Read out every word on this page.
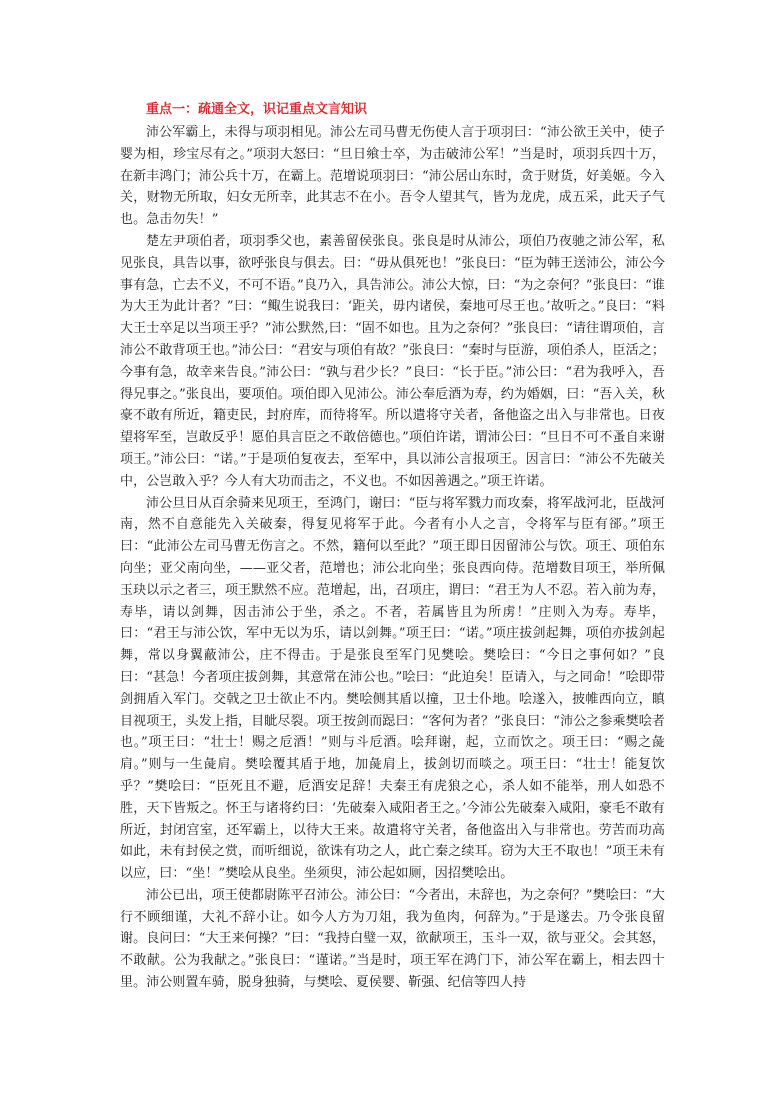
重点一：疏通全文，识记重点文言知识

沛公军霸上，未得与项羽相见。沛公左司马曹无伤使人言于项羽曰：“沛公欲王关中，使子婴为相，珍宝尽有之。”项羽大怒曰：“旦日飨士卒，为击破沛公军！”当是时，项羽兵四十万，在新丰鸿门；沛公兵十万，在霸上。范增说项羽曰：“沛公居山东时，贪于财货，好美姬。今入关，财物无所取，妇女无所幸，此其志不在小。吾令人望其气，皆为龙虎，成五采，此天子气也。急击勿失！”

楚左尹项伯者，项羽季父也，素善留侯张良。张良是时从沛公，项伯乃夜驰之沛公军，私见张良，具告以事，欲呼张良与俱去。曰：“毋从俱死也！”张良曰：“臣为韩王送沛公，沛公今事有急，亡去不义，不可不语。”良乃入，具告沛公。沛公大惊，曰：“为之奈何？”张良曰：“谁为大王为此计者？”曰：“鲰生说我曰：‘距关，毋内诸侯，秦地可尽王也。’故听之。”良曰：“料大王士卒足以当项王乎？”沛公默然,曰：“固不如也。且为之奈何？”张良曰：“请往谓项伯，言沛公不敢背项王也。”沛公曰：“君安与项伯有故？”张良曰：“秦时与臣游，项伯杀人，臣活之；今事有急，故幸来告良。”沛公曰：“孰与君少长？”良曰：“长于臣。”沛公曰：“君为我呼入，吾得兄事之。”张良出，要项伯。项伯即入见沛公。沛公奉卮酒为寿，约为婚姻，曰：“吾入关，秋豪不敢有所近，籍吏民，封府库，而待将军。所以遣将守关者，备他盗之出入与非常也。日夜望将军至，岂敢反乎！愿伯具言臣之不敢倍德也。”项伯许诺，谓沛公曰：“旦日不可不蚤自来谢项王。”沛公曰：“诺。”于是项伯复夜去，至军中，具以沛公言报项王。因言曰：“沛公不先破关中，公岂敢入乎？今人有大功而击之，不义也。不如因善遇之。”项王许诺。

沛公旦日从百余骑来见项王，至鸿门，谢曰：“臣与将军戮力而攻秦，将军战河北，臣战河南，然不自意能先入关破秦，得复见将军于此。今者有小人之言，令将军与臣有郤。”项王曰：“此沛公左司马曹无伤言之。不然，籍何以至此？”项王即日因留沛公与饮。项王、项伯东向坐；亚父南向坐，——亚父者，范增也；沛公北向坐；张良西向侍。范增数目项王，举所佩玉玦以示之者三，项王默然不应。范增起，出，召项庄，谓曰：“君王为人不忍。若入前为寿，寿毕，请以剑舞，因击沛公于坐，杀之。不者，若属皆且为所虏！”庄则入为寿。寿毕，曰：“君王与沛公饮，军中无以为乐，请以剑舞。”项王曰：“诺。”项庄拔剑起舞，项伯亦拔剑起舞，常以身翼蔽沛公，庄不得击。于是张良至军门见樊哙。樊哙曰：“今日之事何如？”良曰：“甚急！今者项庄拔剑舞，其意常在沛公也。”哙曰：“此迫矣！臣请入，与之同命！”哙即带剑拥盾入军门。交戟之卫士欲止不内。樊哙侧其盾以撞，卫士仆地。哙遂入，披帷西向立，瞋目视项王，头发上指，目眦尽裂。项王按剑而跽曰：“客何为者？”张良曰：“沛公之参乘樊哙者也。”项王曰：“壮士！赐之卮酒！”则与斗卮酒。哙拜谢，起，立而饮之。项王曰：“赐之彘肩。”则与一生彘肩。樊哙覆其盾于地，加彘肩上，拔剑切而啖之。项王曰：“壮士！能复饮乎？”樊哙曰：“臣死且不避，卮酒安足辞！夫秦王有虎狼之心，杀人如不能举，刑人如恐不胜，天下皆叛之。怀王与诸将约曰：‘先破秦入咸阳者王之。’今沛公先破秦入咸阳，豪毛不敢有所近，封闭宫室，还军霸上，以待大王来。故遣将守关者，备他盗出入与非常也。劳苦而功高如此，未有封侯之赏，而听细说，欲诛有功之人，此亡秦之续耳。窃为大王不取也！”项王未有以应，曰：“坐！”樊哙从良坐。坐须臾，沛公起如厕，因招樊哙出。

沛公已出，项王使都尉陈平召沛公。沛公曰：“今者出，未辞也，为之奈何？”樊哙曰：“大行不顾细谨，大礼不辞小让。如今人方为刀俎，我为鱼肉，何辞为。”于是遂去。乃令张良留谢。良问曰：“大王来何操？”曰：“我持白璧一双，欲献项王，玉斗一双，欲与亚父。会其怒，不敢献。公为我献之。”张良曰：“谨诺。”当是时，项王军在鸿门下，沛公军在霸上，相去四十里。沛公则置车骑，脱身独骑，与樊哙、夏侯婴、靳强、纪信等四人持
